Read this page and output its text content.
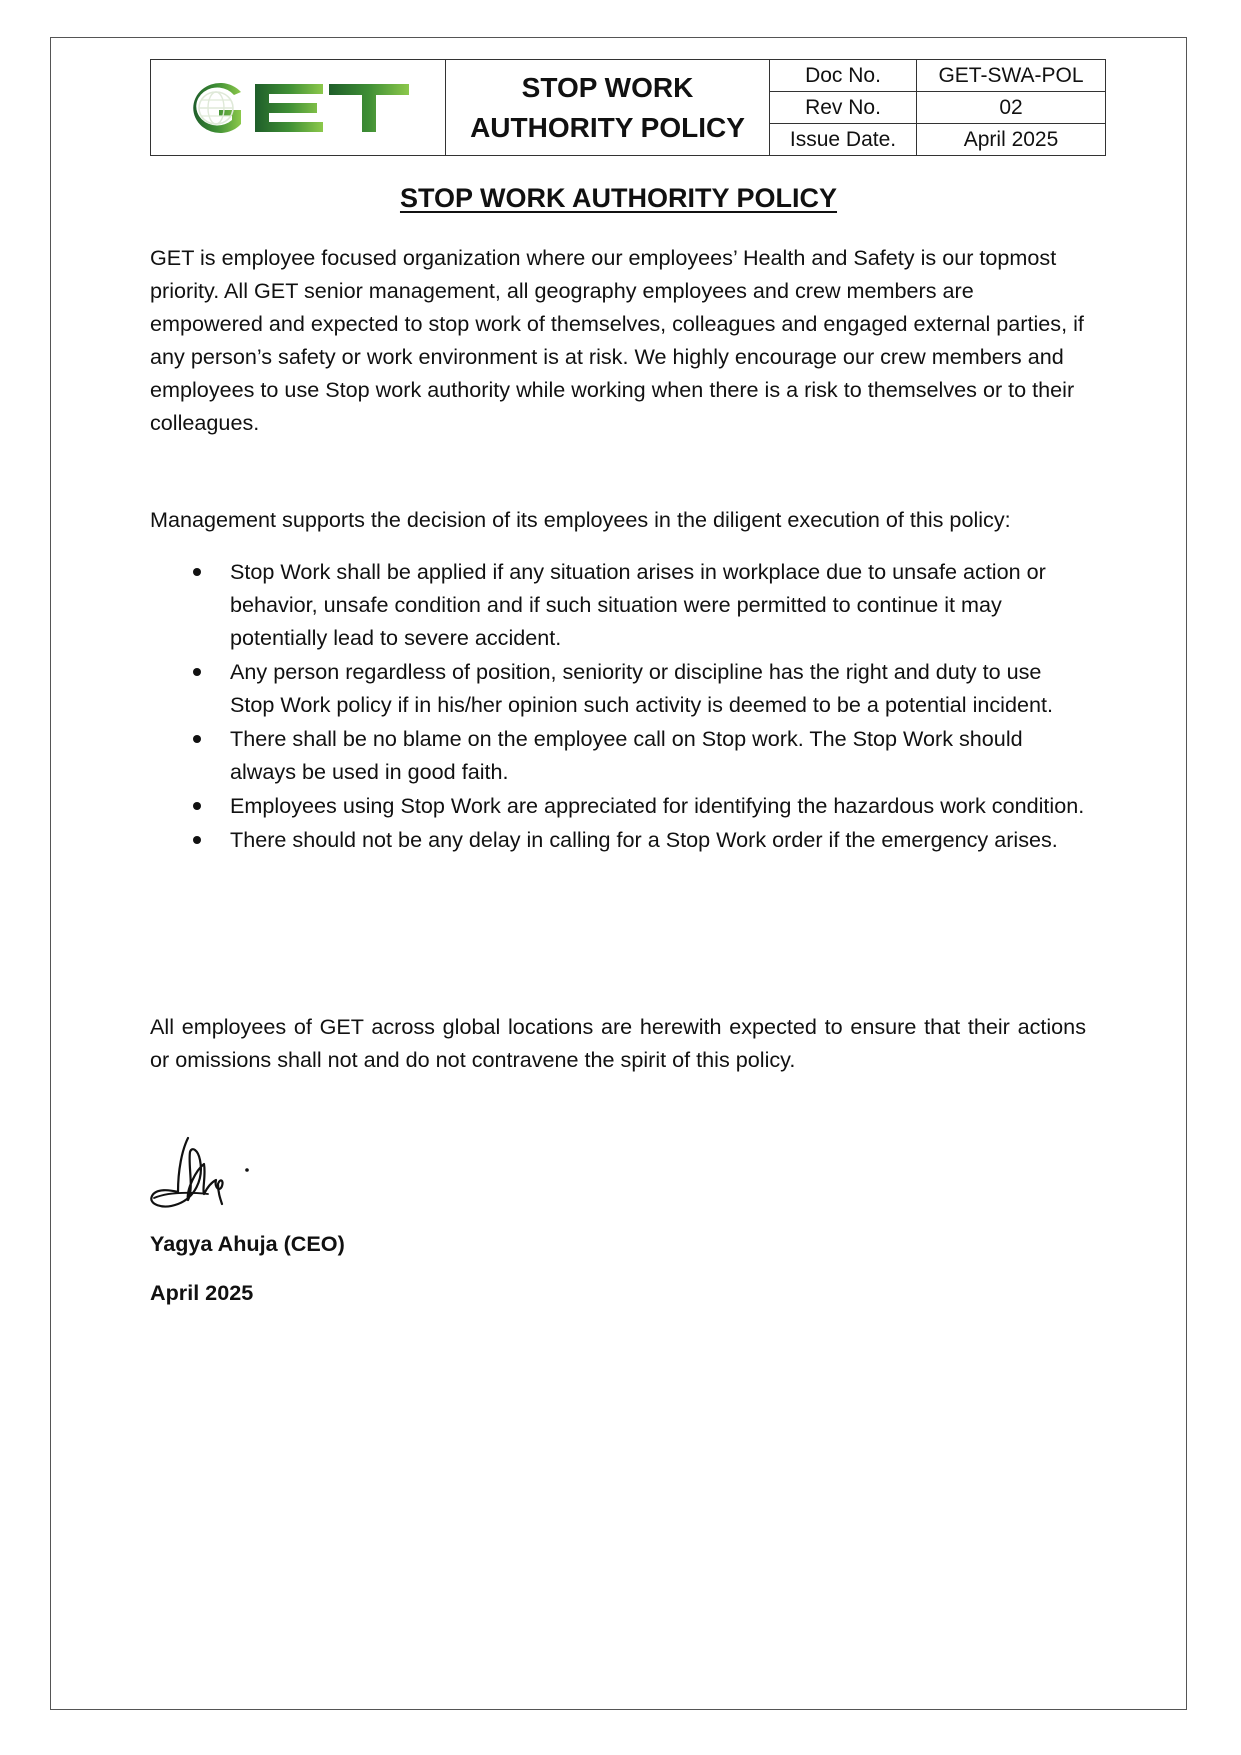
STOP WORK
AUTHORITY POLICY	Doc No.	GET-SWA-POL
		Rev No.	02
		Issue Date.	April 2025
STOP WORK AUTHORITY POLICY

GET is employee focused organization where our employees’ Health and Safety is our topmost priority. All GET senior management, all geography employees and crew members are empowered and expected to stop work of themselves, colleagues and engaged external parties, if any person’s safety or work environment is at risk. We highly encourage our crew members and employees to use Stop work authority while working when there is a risk to themselves or to their colleagues.

Management supports the decision of its employees in the diligent execution of this policy:

Stop Work shall be applied if any situation arises in workplace due to unsafe action or behavior, unsafe condition and if such situation were permitted to continue it may potentially lead to severe accident.
Any person regardless of position, seniority or discipline has the right and duty to use Stop Work policy if in his/her opinion such activity is deemed to be a potential incident.
There shall be no blame on the employee call on Stop work. The Stop Work should always be used in good faith.
Employees using Stop Work are appreciated for identifying the hazardous work condition.
There should not be any delay in calling for a Stop Work order if the emergency arises.

All employees of GET across global locations are herewith expected to ensure that their actions or omissions shall not and do not contravene the spirit of this policy.

Yagya Ahuja (CEO)
April 2025
